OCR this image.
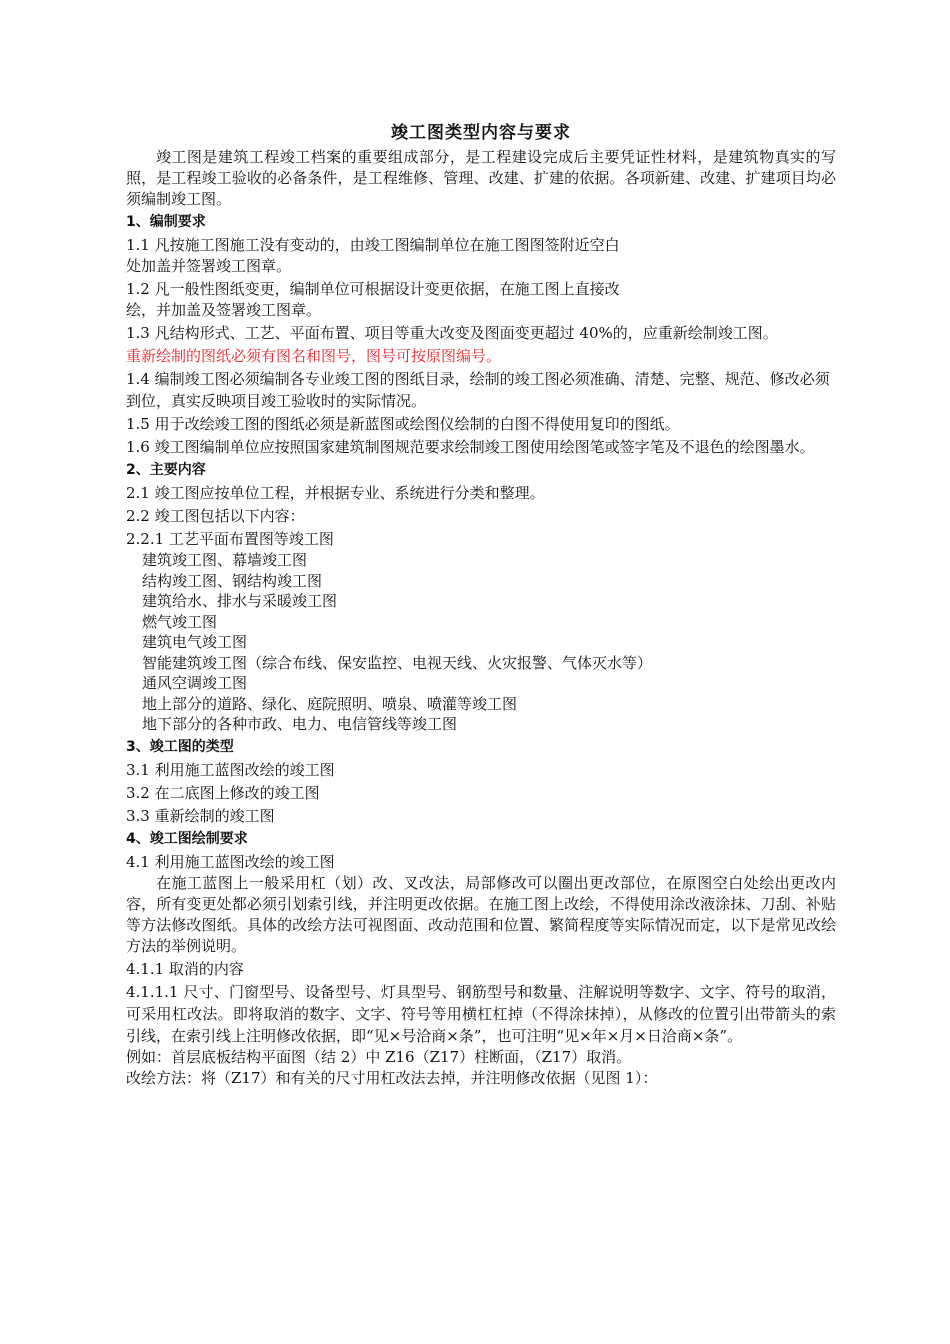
竣工图类型内容与要求

竣工图是建筑工程竣工档案的重要组成部分，是工程建设完成后主要凭证性材料，是建筑物真实的写照，是工程竣工验收的必备条件，是工程维修、管理、改建、扩建的依据。各项新建、改建、扩建项目均必须编制竣工图。

1、编制要求

1.1 凡按施工图施工没有变动的，由竣工图编制单位在施工图图签附近空白

处加盖并签署竣工图章。

1.2 凡一般性图纸变更，编制单位可根据设计变更依据，在施工图上直接改

绘，并加盖及签署竣工图章。

1.3 凡结构形式、工艺、平面布置、项目等重大改变及图面变更超过 40%的，应重新绘制竣工图。

重新绘制的图纸必须有图名和图号，图号可按原图编号。

1.4 编制竣工图必须编制各专业竣工图的图纸目录，绘制的竣工图必须准确、清楚、完整、规范、修改必须到位，真实反映项目竣工验收时的实际情况。

1.5 用于改绘竣工图的图纸必须是新蓝图或绘图仪绘制的白图不得使用复印的图纸。

1.6 竣工图编制单位应按照国家建筑制图规范要求绘制竣工图使用绘图笔或签字笔及不退色的绘图墨水。

2、主要内容

2.1 竣工图应按单位工程，并根据专业、系统进行分类和整理。

2.2 竣工图包括以下内容：

2.2.1 工艺平面布置图等竣工图

建筑竣工图、幕墙竣工图

结构竣工图、钢结构竣工图

建筑给水、排水与采暖竣工图

燃气竣工图

建筑电气竣工图

智能建筑竣工图（综合布线、保安监控、电视天线、火灾报警、气体灭水等）

通风空调竣工图

地上部分的道路、绿化、庭院照明、喷泉、喷灌等竣工图

地下部分的各种市政、电力、电信管线等竣工图

3、竣工图的类型

3.1 利用施工蓝图改绘的竣工图

3.2 在二底图上修改的竣工图

3.3 重新绘制的竣工图

4、竣工图绘制要求

4.1 利用施工蓝图改绘的竣工图

在施工蓝图上一般采用杠（划）改、叉改法，局部修改可以圈出更改部位，在原图空白处绘出更改内容，所有变更处都必须引划索引线，并注明更改依据。在施工图上改绘，不得使用涂改液涂抹、刀刮、补贴等方法修改图纸。具体的改绘方法可视图面、改动范围和位置、繁简程度等实际情况而定，以下是常见改绘方法的举例说明。

4.1.1 取消的内容

4.1.1.1 尺寸、门窗型号、设备型号、灯具型号、钢筋型号和数量、注解说明等数字、文字、符号的取消，可采用杠改法。即将取消的数字、文字、符号等用横杠杠掉（不得涂抹掉），从修改的位置引出带箭头的索引线，在索引线上注明修改依据，即“见×号洽商×条”，也可注明“见×年×月×日洽商×条”。

例如：首层底板结构平面图（结 2）中 Z16（Z17）柱断面，（Z17）取消。

改绘方法：将（Z17）和有关的尺寸用杠改法去掉，并注明修改依据（见图 1）：
